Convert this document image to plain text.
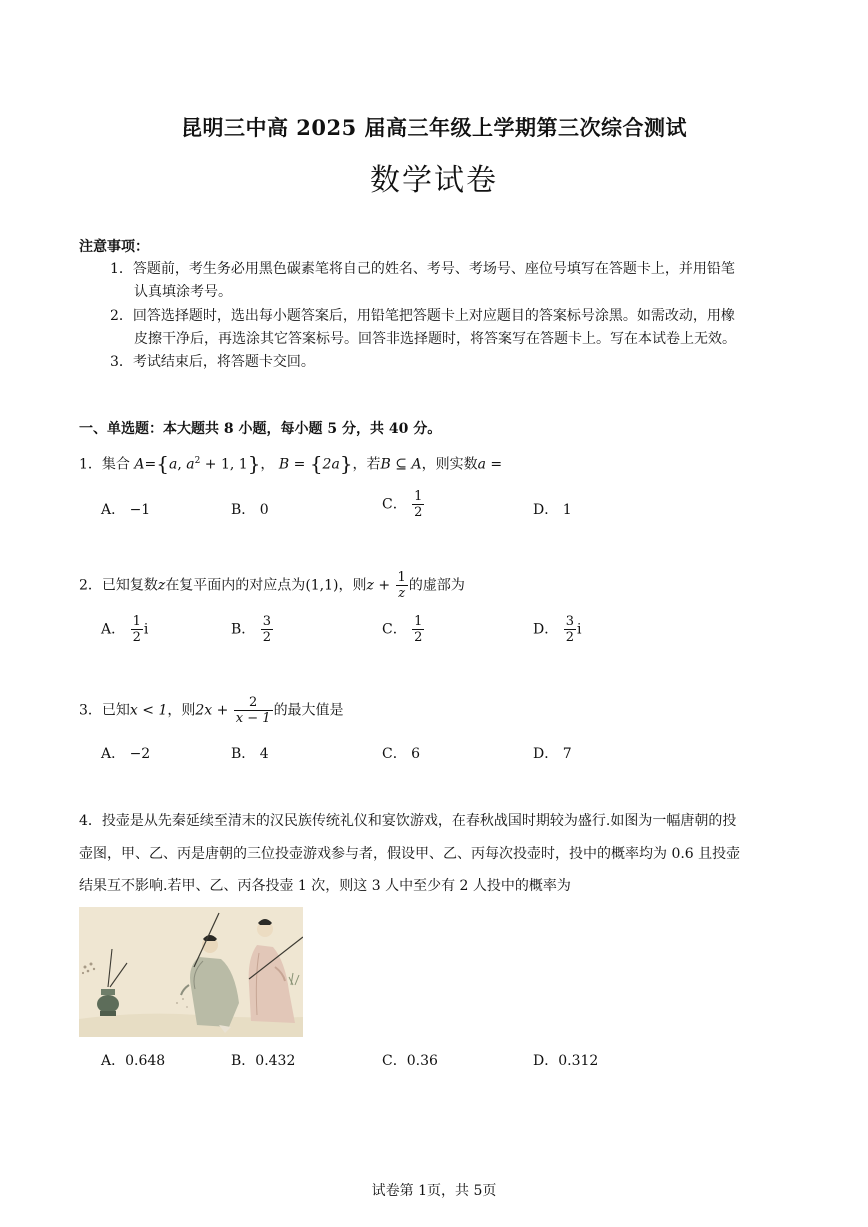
昆明三中高 2025 届高三年级上学期第三次综合测试
数学试卷
注意事项：
1．答题前，考生务必用黑色碳素笔将自己的姓名、考号、考场号、座位号填写在答题卡上，并用铅笔
认真填涂考号。
2．回答选择题时，选出每小题答案后，用铅笔把答题卡上对应题目的答案标号涂黑。如需改动，用橡
皮擦干净后，再选涂其它答案标号。回答非选择题时，将答案写在答题卡上。写在本试卷上无效。
3．考试结束后，将答题卡交回。
一、单选题：本大题共 8 小题，每小题 5 分，共 40 分。
1．集合 A={a, $a^2 + 1$, 1}， B = {2a}，若B ⊆ A，则实数a =
A． −1	B． 0	C． $\frac{1}{2}$	D． 1
2．已知复数z在复平面内的对应点为(1,1)，则$z + \frac{1}{z}$ 的虚部为
A． $\frac{1}{2}$ i	B． $\frac{3}{2}$	C． $\frac{1}{2}$	D． $\frac{3}{2}$ i
3．已知x < 1，则$2x + \frac{2}{x - 1}$ 的最大值是
A． −2	B． 4	C． 6	D． 7
4．投壶是从先秦延续至清末的汉民族传统礼仪和宴饮游戏，在春秋战国时期较为盛行.如图为一幅唐朝的投
壶图，甲、乙、丙是唐朝的三位投壶游戏参与者，假设甲、乙、丙每次投壶时，投中的概率均为 0.6 且投壶
结果互不影响.若甲、乙、丙各投壶 1 次，则这 3 人中至少有 2 人投中的概率为
A．0.648	B．0.432	C．0.36	D．0.312
试卷第 1页，共 5页
